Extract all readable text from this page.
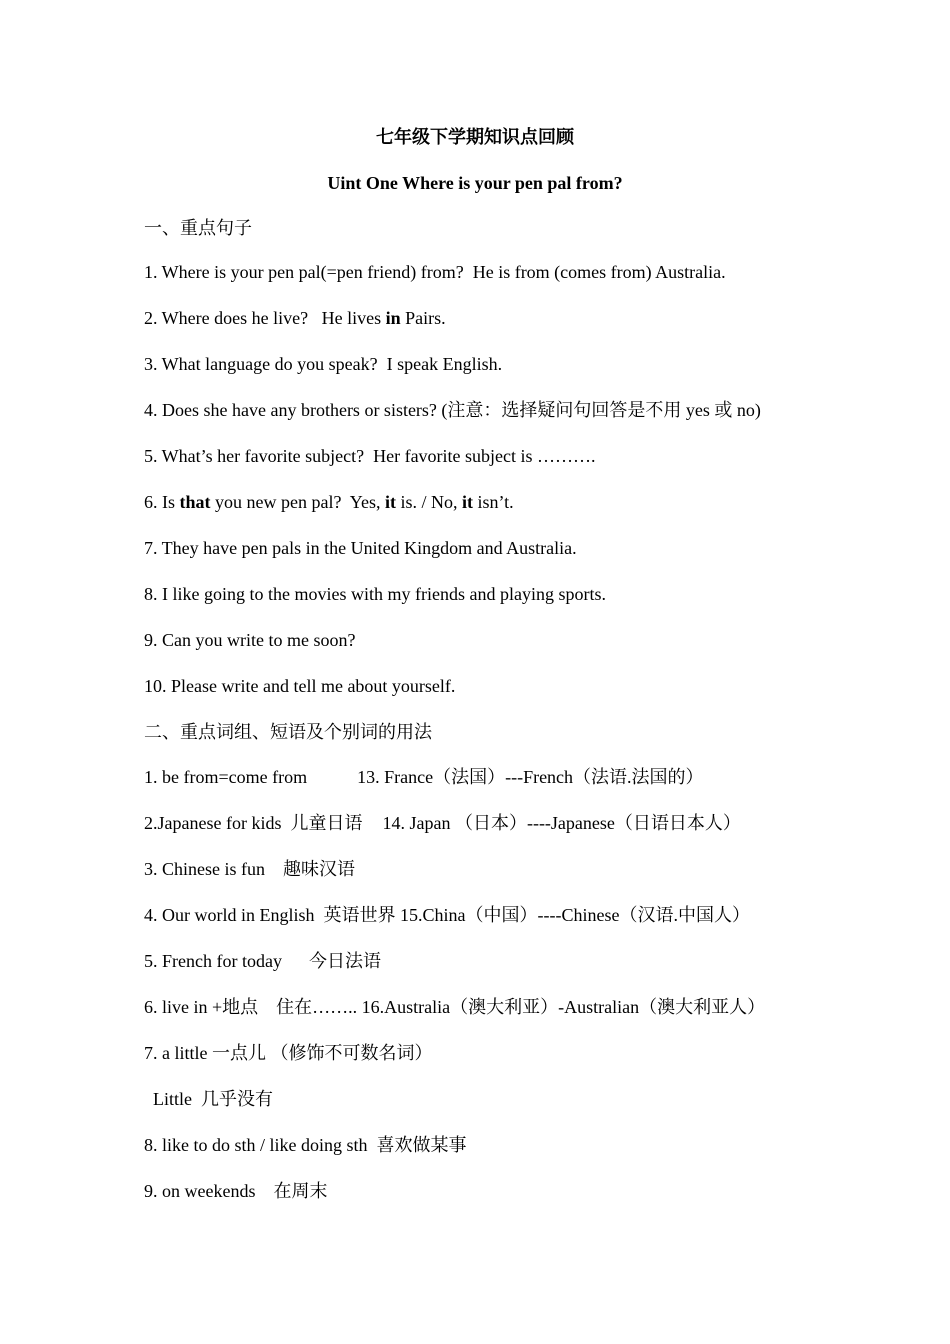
七年级下学期知识点回顾
Uint One Where is your pen pal from?
一、重点句子
1. Where is your pen pal(=pen friend) from?  He is from (comes from) Australia.
2. Where does he live?   He lives in Pairs.
3. What language do you speak?  I speak English.
4. Does she have any brothers or sisters? (注意：选择疑问句回答是不用 yes 或 no)
5. What’s her favorite subject?  Her favorite subject is ……….
6. Is that you new pen pal?  Yes, it is. / No, it isn’t.
7. They have pen pals in the United Kingdom and Australia.
8. I like going to the movies with my friends and playing sports.
9. Can you write to me soon?
10. Please write and tell me about yourself.
二、重点词组、短语及个别词的用法
1. be from=come from	13. France（法国）---French（法语.法国的）
2.Japanese for kids  儿童日语 14. Japan （日本）----Japanese（日语日本人）
3. Chinese is fun    趣味汉语
4. Our world in English  英语世界 15.China（中国）----Chinese（汉语.中国人）
5. French for today      今日法语
6. live in +地点    住在…….. 16.Australia（澳大利亚）-Australian（澳大利亚人）
7. a little 一点儿 （修饰不可数名词）
Little  几乎没有
8. like to do sth / like doing sth  喜欢做某事
9. on weekends    在周末
